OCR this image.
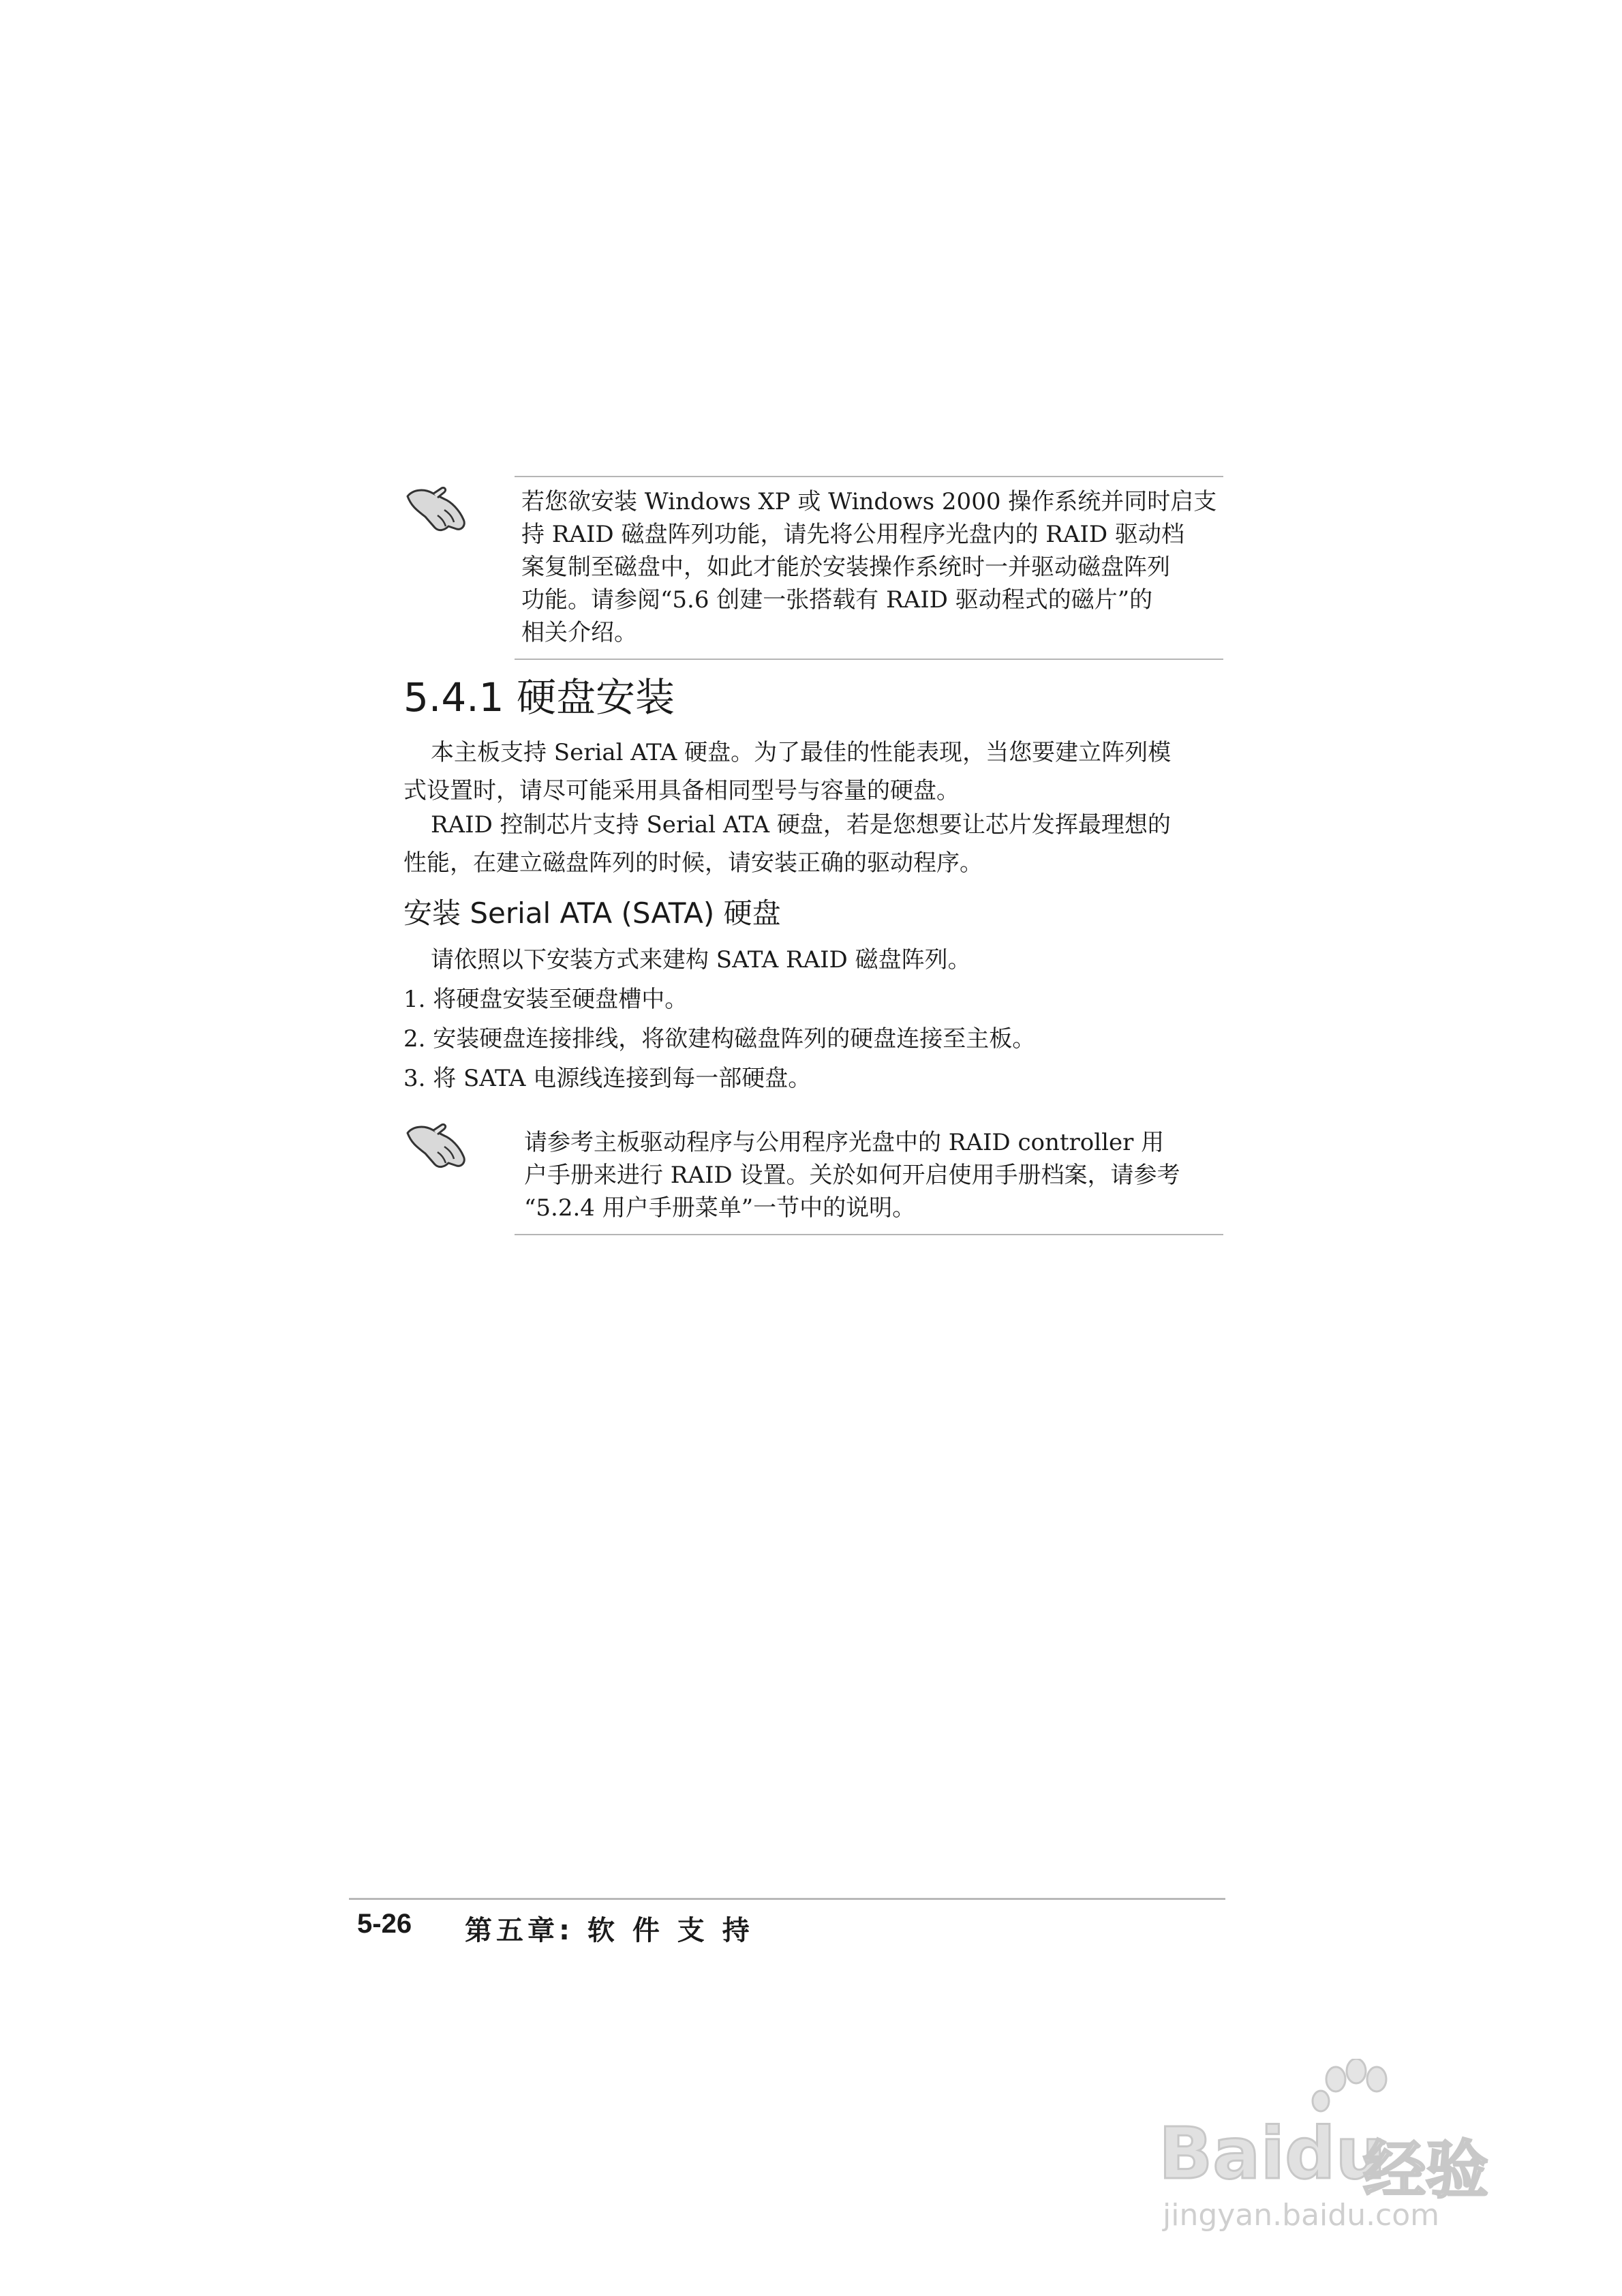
若您欲安装 Windows XP 或 Windows 2000 操作系统并同时启支
持 RAID 磁盘阵列功能，请先将公用程序光盘内的 RAID 驱动档
案复制至磁盘中，如此才能於安装操作系统时一并驱动磁盘阵列
功能。请参阅“5.6 创建一张搭载有 RAID 驱动程式的磁片”的
相关介绍。
5.4.1 硬盘安装
本主板支持 Serial ATA 硬盘。为了最佳的性能表现，当您要建立阵列模
式设置时，请尽可能采用具备相同型号与容量的硬盘。
RAID 控制芯片支持 Serial ATA 硬盘，若是您想要让芯片发挥最理想的
性能，在建立磁盘阵列的时候，请安装正确的驱动程序。
安装 Serial ATA (SATA) 硬盘
请依照以下安装方式来建构 SATA RAID 磁盘阵列。
1. 将硬盘安装至硬盘槽中。
2. 安装硬盘连接排线，将欲建构磁盘阵列的硬盘连接至主板。
3. 将 SATA 电源线连接到每一部硬盘。
请参考主板驱动程序与公用程序光盘中的 RAID controller 用
户手册来进行 RAID 设置。关於如何开启使用手册档案，请参考
“5.2.4 用户手册菜单”一节中的说明。
5-26 第五章: 软 件 支 持
Baidu
经验
jingyan.baidu.com
